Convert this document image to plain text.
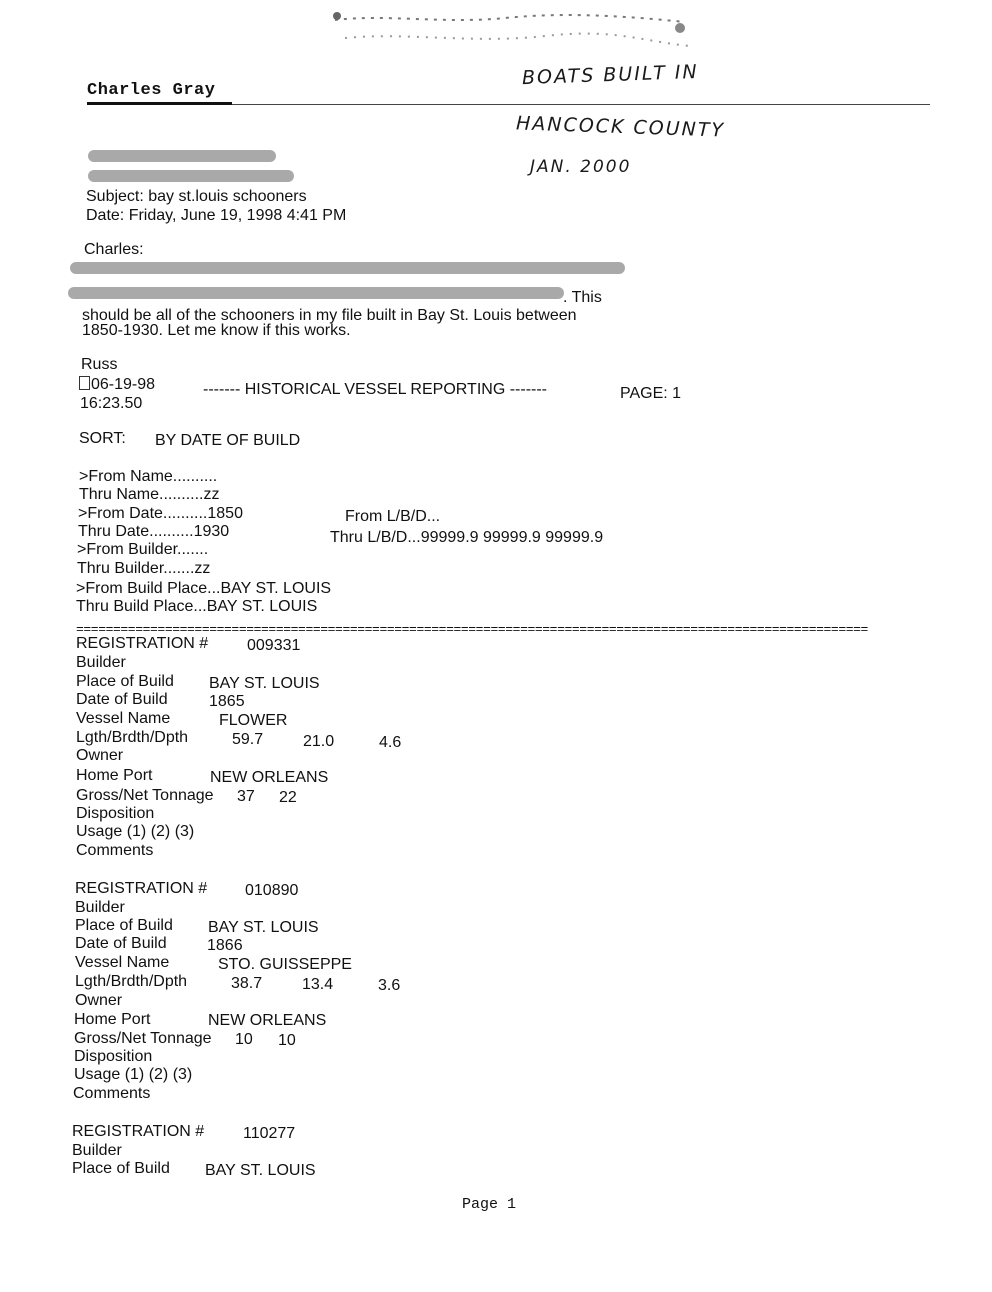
Charles Gray
BOATS BUILT IN
HANCOCK COUNTY
JAN. 2000
Subject: bay st.louis schooners
Date: Friday, June 19, 1998 4:41 PM
Charles:
. This
should be all of the schooners in my file built in Bay St. Louis between
1850-1930. Let me know if this works.
Russ
06-19-98
16:23.50
------- HISTORICAL VESSEL REPORTING -------	PAGE: 1
SORT: BY DATE OF BUILD
>From Name..........
Thru Name..........zz
>From Date..........1850
Thru Date..........1930
>From Builder.......
Thru Builder.......zz
>From Build Place...BAY ST. LOUIS
Thru Build Place...BAY ST. LOUIS
From L/B/D...
Thru L/B/D...99999.9 99999.9 99999.9
===========================================================================================================
REGISTRATION # 009331
Builder
Place of Build BAY ST. LOUIS
Date of Build	1865
Vessel Name	FLOWER
Lgth/Brdth/Dpth	59.7 21.0	4.6
Owner
Home Port	NEW ORLEANS
Gross/Net Tonnage 37 22
Disposition
Usage (1) (2) (3)
Comments
REGISTRATION # 010890
Builder
Place of Build BAY ST. LOUIS
Date of Build	1866
Vessel Name	STO. GUISSEPPE
Lgth/Brdth/Dpth	38.7 13.4	3.6
Owner
Home Port	NEW ORLEANS
Gross/Net Tonnage 10 10
Disposition
Usage (1) (2) (3)
Comments
REGISTRATION # 110277
Builder
Place of Build BAY ST. LOUIS
Page 1
